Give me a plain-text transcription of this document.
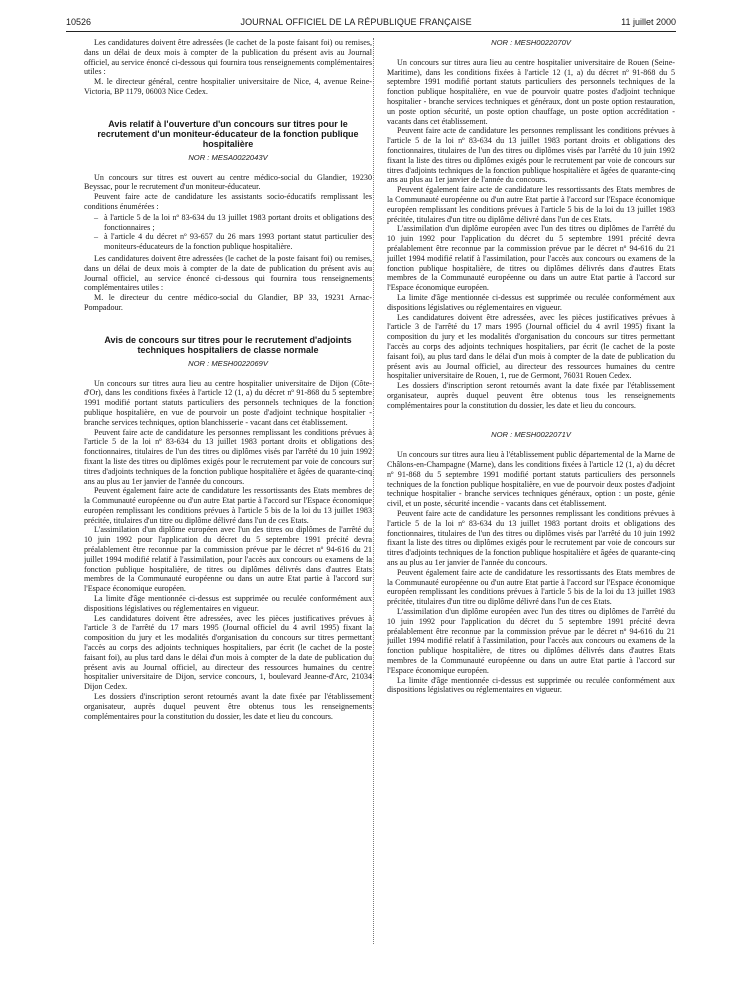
10526	JOURNAL OFFICIEL DE LA RÉPUBLIQUE FRANÇAISE	11 juillet 2000

Les candidatures doivent être adressées (le cachet de la poste faisant foi) ou remises, dans un délai de deux mois à compter de la publication du présent avis au Journal officiel, au service énoncé ci-dessous qui fournira tous renseignements complémentaires utiles :

M. le directeur général, centre hospitalier universitaire de Nice, 4, avenue Reine-Victoria, BP 1179, 06003 Nice Cedex.

Avis relatif à l'ouverture d'un concours sur titres pour le recrutement d'un moniteur-éducateur de la fonction publique hospitalière
NOR : MESA0022043V

Un concours sur titres est ouvert au centre médico-social du Glandier, 19230 Beyssac, pour le recrutement d'un moniteur-éducateur.

Peuvent faire acte de candidature les assistants socio-éducatifs remplissant les conditions énumérées :

– à l'article 5 de la loi nº 83-634 du 13 juillet 1983 portant droits et obligations des fonctionnaires ;
– à l'article 4 du décret nº 93-657 du 26 mars 1993 portant statut particulier des moniteurs-éducateurs de la fonction publique hospitalière.

Les candidatures doivent être adressées (le cachet de la poste faisant foi) ou remises, dans un délai de deux mois à compter de la date de publication du présent avis au Journal officiel, au service énoncé ci-dessous qui fournira tous renseignements complémentaires utiles :

M. le directeur du centre médico-social du Glandier, BP 33, 19231 Arnac-Pompadour.

Avis de concours sur titres pour le recrutement d'adjoints techniques hospitaliers de classe normale
NOR : MESH0022069V

Un concours sur titres aura lieu au centre hospitalier universitaire de Dijon (Côte-d'Or), dans les conditions fixées à l'article 12 (1, a) du décret nº 91-868 du 5 septembre 1991 modifié portant statuts particuliers des personnels techniques de la fonction publique hospitalière, en vue de pourvoir un poste d'adjoint technique hospitalier - branche services techniques, option blanchisserie - vacant dans cet établissement.

Peuvent faire acte de candidature les personnes remplissant les conditions prévues à l'article 5 de la loi nº 83-634 du 13 juillet 1983 portant droits et obligations des fonctionnaires, titulaires de l'un des titres ou diplômes visés par l'arrêté du 10 juin 1992 fixant la liste des titres ou diplômes exigés pour le recrutement par voie de concours sur titres d'adjoints techniques de la fonction publique hospitalière et âgées de quarante-cinq ans au plus au 1er janvier de l'année du concours.

Peuvent également faire acte de candidature les ressortissants des Etats membres de la Communauté européenne ou d'un autre Etat partie à l'accord sur l'Espace économique européen remplissant les conditions prévues à l'article 5 bis de la loi du 13 juillet 1983 précitée, titulaires d'un titre ou diplôme délivré dans l'un de ces Etats.

L'assimilation d'un diplôme européen avec l'un des titres ou diplômes de l'arrêté du 10 juin 1992 pour l'application du décret du 5 septembre 1991 précité devra préalablement être reconnue par la commission prévue par le décret nº 94-616 du 21 juillet 1994 modifié relatif à l'assimilation, pour l'accès aux concours ou examens de la fonction publique hospitalière, de titres ou diplômes délivrés dans d'autres Etats membres de la Communauté européenne ou dans un autre Etat partie à l'accord sur l'Espace économique européen.

La limite d'âge mentionnée ci-dessus est supprimée ou reculée conformément aux dispositions législatives ou réglementaires en vigueur.

Les candidatures doivent être adressées, avec les pièces justificatives prévues à l'article 3 de l'arrêté du 17 mars 1995 (Journal officiel du 4 avril 1995) fixant la composition du jury et les modalités d'organisation du concours sur titres permettant l'accès au corps des adjoints techniques hospitaliers, par écrit (le cachet de la poste faisant foi), au plus tard dans le délai d'un mois à compter de la date de publication du présent avis au Journal officiel, au directeur des ressources humaines du centre hospitalier universitaire de Dijon, service concours, 1, boulevard Jeanne-d'Arc, 21034 Dijon Cedex.

Les dossiers d'inscription seront retournés avant la date fixée par l'établissement organisateur, auprès duquel peuvent être obtenus tous les renseignements complémentaires pour la constitution du dossier, les date et lieu du concours.

NOR : MESH0022070V

Un concours sur titres aura lieu au centre hospitalier universitaire de Rouen (Seine-Maritime), dans les conditions fixées à l'article 12 (1, a) du décret nº 91-868 du 5 septembre 1991 modifié portant statuts particuliers des personnels techniques de la fonction publique hospitalière, en vue de pourvoir quatre postes d'adjoint technique hospitalier - branche services techniques et généraux, dont un poste option restauration, un poste option sécurité, un poste option chauffage, un poste option accréditation - vacants dans cet établissement.

Peuvent faire acte de candidature les personnes remplissant les conditions prévues à l'article 5 de la loi nº 83-634 du 13 juillet 1983 portant droits et obligations des fonctionnaires, titulaires de l'un des titres ou diplômes visés par l'arrêté du 10 juin 1992 fixant la liste des titres ou diplômes exigés pour le recrutement par voie de concours sur titres d'adjoints techniques de la fonction publique hospitalière et âgées de quarante-cinq ans au plus au 1er janvier de l'année du concours.

Peuvent également faire acte de candidature les ressortissants des Etats membres de la Communauté européenne ou d'un autre Etat partie à l'accord sur l'Espace économique européen remplissant les conditions prévues à l'article 5 bis de la loi du 13 juillet 1983 précitée, titulaires d'un titre ou diplôme délivré dans l'un de ces Etats.

L'assimilation d'un diplôme européen avec l'un des titres ou diplômes de l'arrêté du 10 juin 1992 pour l'application du décret du 5 septembre 1991 précité devra préalablement être reconnue par la commission prévue par le décret nº 94-616 du 21 juillet 1994 modifié relatif à l'assimilation, pour l'accès aux concours ou examens de la fonction publique hospitalière, de titres ou diplômes délivrés dans d'autres Etats membres de la Communauté européenne ou dans un autre Etat partie à l'accord sur l'Espace économique européen.

La limite d'âge mentionnée ci-dessus est supprimée ou reculée conformément aux dispositions législatives ou réglementaires en vigueur.

Les candidatures doivent être adressées, avec les pièces justificatives prévues à l'article 3 de l'arrêté du 17 mars 1995 (Journal officiel du 4 avril 1995) fixant la composition du jury et les modalités d'organisation du concours sur titres permettant l'accès au corps des adjoints techniques hospitaliers, par écrit (le cachet de la poste faisant foi), au plus tard dans le délai d'un mois à compter de la date de publication du présent avis au Journal officiel, au directeur des ressources humaines du centre hospitalier universitaire de Rouen, 1, rue de Germont, 76031 Rouen Cedex.

Les dossiers d'inscription seront retournés avant la date fixée par l'établissement organisateur, auprès duquel peuvent être obtenus tous les renseignements complémentaires pour la constitution du dossier, les date et lieu du concours.

NOR : MESH0022071V

Un concours sur titres aura lieu à l'établissement public départemental de la Marne de Châlons-en-Champagne (Marne), dans les conditions fixées à l'article 12 (1, a) du décret nº 91-868 du 5 septembre 1991 modifié portant statuts particuliers des personnels techniques de la fonction publique hospitalière, en vue de pourvoir deux postes d'adjoint technique hospitalier - branche services techniques généraux, option : un poste, génie civil, et un poste, sécurité incendie - vacants dans cet établissement.

Peuvent faire acte de candidature les personnes remplissant les conditions prévues à l'article 5 de la loi nº 83-634 du 13 juillet 1983 portant droits et obligations des fonctionnaires, titulaires de l'un des titres ou diplômes visés par l'arrêté du 10 juin 1992 fixant la liste des titres ou diplômes exigés pour le recrutement par voie de concours sur titres d'adjoints techniques de la fonction publique hospitalière et âgées de quarante-cinq ans au plus au 1er janvier de l'année du concours.

Peuvent également faire acte de candidature les ressortissants des Etats membres de la Communauté européenne ou d'un autre Etat partie à l'accord sur l'Espace économique européen remplissant les conditions prévues à l'article 5 bis de la loi du 13 juillet 1983 précitée, titulaires d'un titre ou diplôme délivré dans l'un de ces Etats.

L'assimilation d'un diplôme européen avec l'un des titres ou diplômes de l'arrêté du 10 juin 1992 pour l'application du décret du 5 septembre 1991 précité devra préalablement être reconnue par la commission prévue par le décret nº 94-616 du 21 juillet 1994 modifié relatif à l'assimilation, pour l'accès aux concours ou examens de la fonction publique hospitalière, de titres ou diplômes délivrés dans d'autres Etats membres de la Communauté européenne ou dans un autre Etat partie à l'accord sur l'Espace économique européen.

La limite d'âge mentionnée ci-dessus est supprimée ou reculée conformément aux dispositions législatives ou réglementaires en vigueur.
